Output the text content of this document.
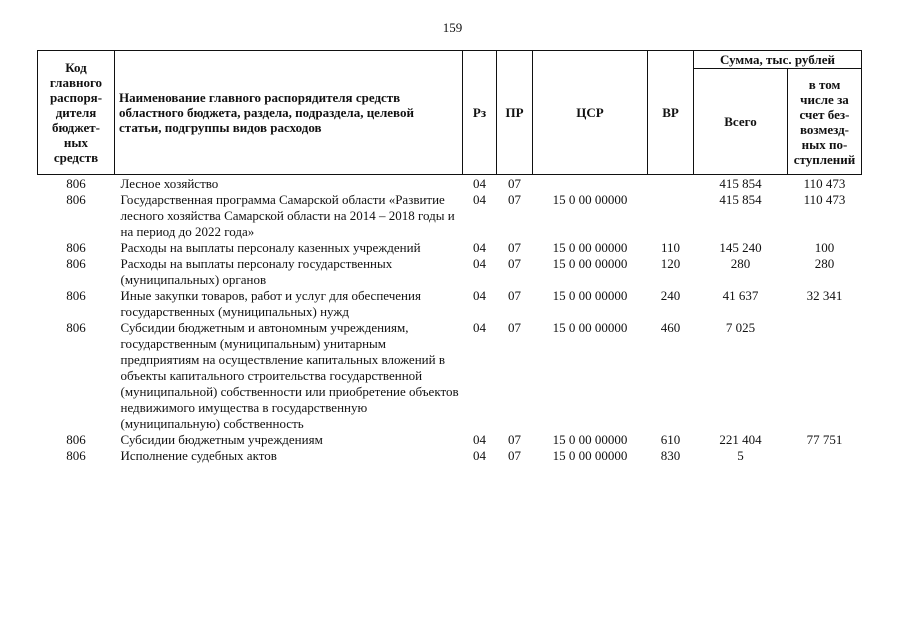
159
Код главного распоря-дителя бюджет-ных средств	Наименование главного распорядителя средств областного бюджета, раздела, подраздела, целевой статьи, подгруппы видов расходов	Рз	ПР	ЦСР	ВР	Сумма, тыс. рублей	
						Всего	в том числе за счет без-возмезд-ных по-ступлений
806	Лесное хозяйство	04	07			415 854	110 473
806	Государственная программа Самарской области «Развитие лесного хозяйства Самарской области на 2014 – 2018 годы и на период до 2022 года»	04	07	15 0 00 00000		415 854	110 473
806	Расходы на выплаты персоналу казенных учреждений	04	07	15 0 00 00000	110	145 240	100
806	Расходы на выплаты персоналу государственных (муниципальных) органов	04	07	15 0 00 00000	120	280	280
806	Иные закупки товаров, работ и услуг для обеспечения государственных (муниципальных) нужд	04	07	15 0 00 00000	240	41 637	32 341
806	Субсидии бюджетным и автономным учреждениям, государственным (муниципальным) унитарным предприятиям на осуществление капитальных вложений в объекты капитального строительства государственной (муниципальной) собственности или приобретение объектов недвижимого имущества в государственную (муниципальную) собственность	04	07	15 0 00 00000	460	7 025	
806	Субсидии бюджетным учреждениям	04	07	15 0 00 00000	610	221 404	77 751
806	Исполнение судебных актов	04	07	15 0 00 00000	830	5	
